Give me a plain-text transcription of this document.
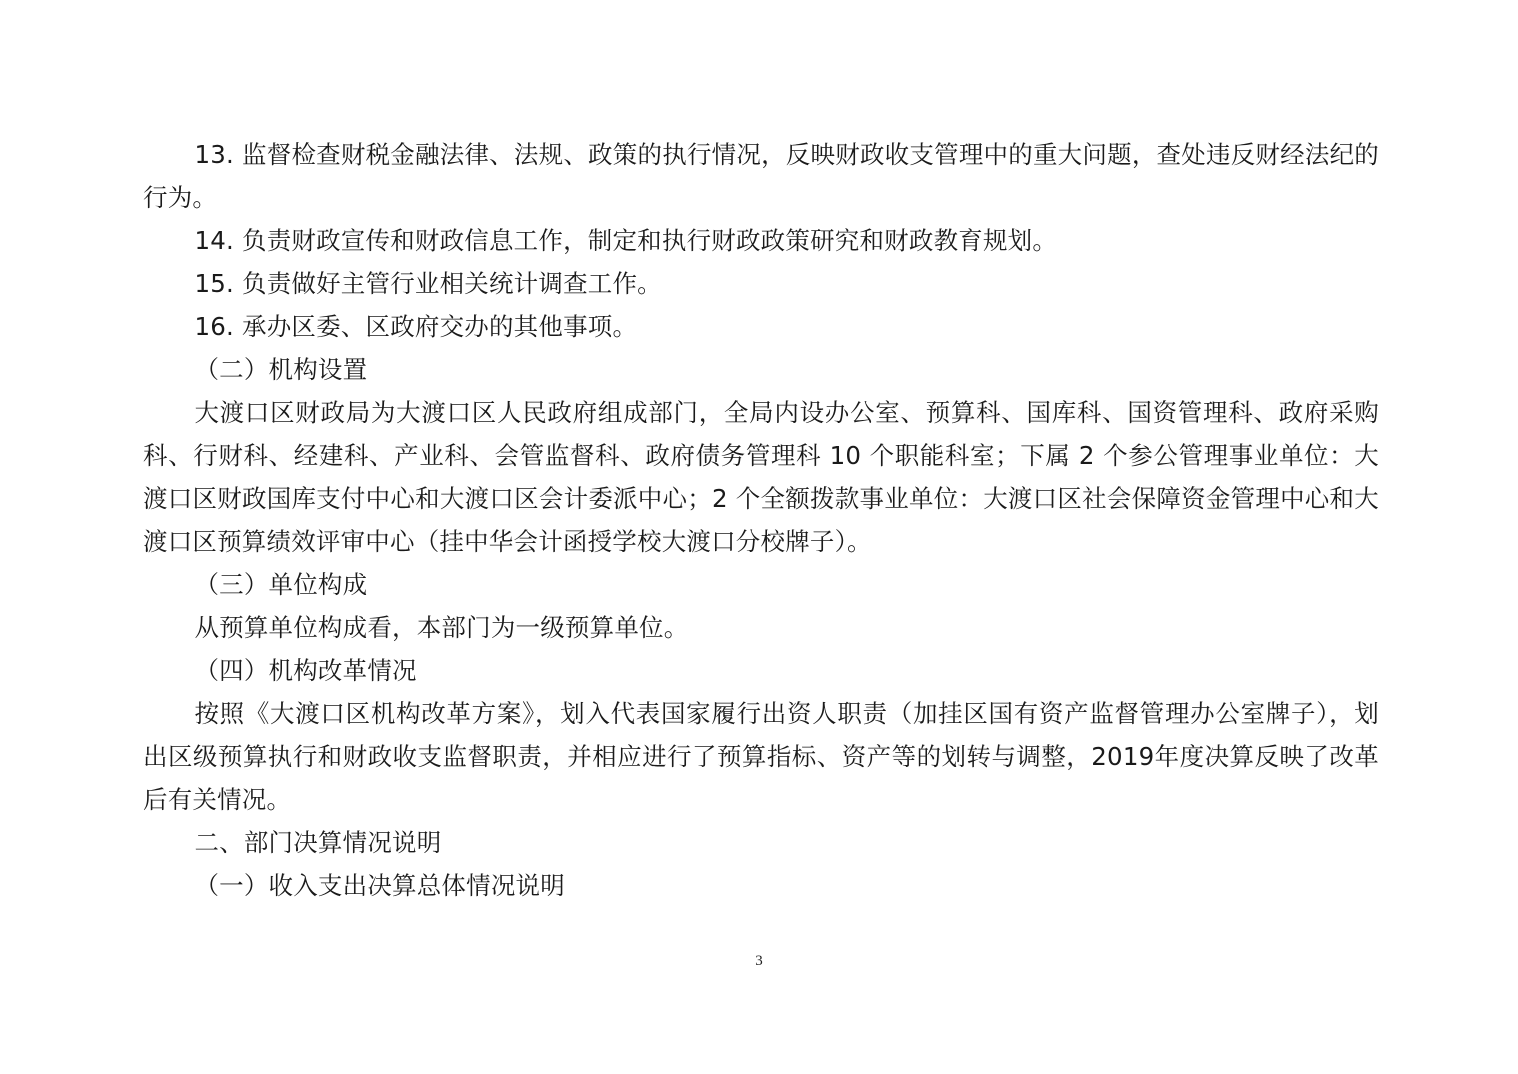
13. 监督检查财税金融法律、法规、政策的执行情况，反映财政收支管理中的重大问题，查处违反财经法纪的行为。

14. 负责财政宣传和财政信息工作，制定和执行财政政策研究和财政教育规划。

15. 负责做好主管行业相关统计调查工作。

16. 承办区委、区政府交办的其他事项。

（二）机构设置

大渡口区财政局为大渡口区人民政府组成部门，全局内设办公室、预算科、国库科、国资管理科、政府采购科、行财科、经建科、产业科、会管监督科、政府债务管理科 10 个职能科室；下属 2 个参公管理事业单位：大渡口区财政国库支付中心和大渡口区会计委派中心；2 个全额拨款事业单位：大渡口区社会保障资金管理中心和大渡口区预算绩效评审中心（挂中华会计函授学校大渡口分校牌子）。

（三）单位构成

从预算单位构成看，本部门为一级预算单位。

（四）机构改革情况

按照《大渡口区机构改革方案》，划入代表国家履行出资人职责（加挂区国有资产监督管理办公室牌子），划出区级预算执行和财政收支监督职责，并相应进行了预算指标、资产等的划转与调整，2019年度决算反映了改革后有关情况。

二、部门决算情况说明

（一）收入支出决算总体情况说明

3
